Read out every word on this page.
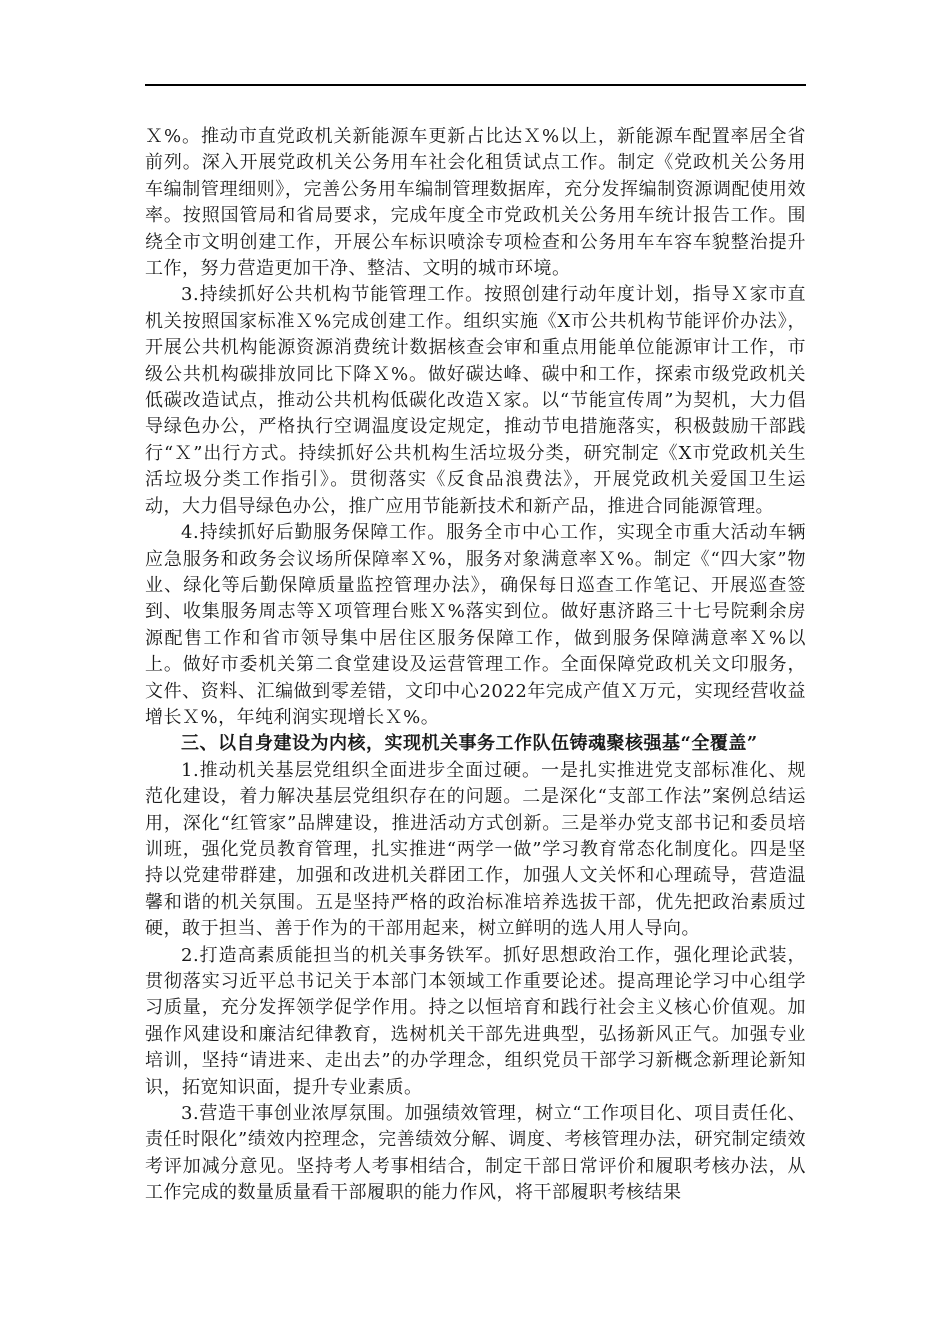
Ｘ%。推动市直党政机关新能源车更新占比达Ｘ%以上，新能源车配置率居全省前列。深入开展党政机关公务用车社会化租赁试点工作。制定《党政机关公务用车编制管理细则》，完善公务用车编制管理数据库，充分发挥编制资源调配使用效率。按照国管局和省局要求，完成年度全市党政机关公务用车统计报告工作。围绕全市文明创建工作，开展公车标识喷涂专项检查和公务用车车容车貌整治提升工作，努力营造更加干净、整洁、文明的城市环境。

3.持续抓好公共机构节能管理工作。按照创建行动年度计划，指导Ｘ家市直机关按照国家标准Ｘ%完成创建工作。组织实施《X市公共机构节能评价办法》，开展公共机构能源资源消费统计数据核查会审和重点用能单位能源审计工作，市级公共机构碳排放同比下降Ｘ%。做好碳达峰、碳中和工作，探索市级党政机关低碳改造试点，推动公共机构低碳化改造Ｘ家。以“节能宣传周”为契机，大力倡导绿色办公，严格执行空调温度设定规定，推动节电措施落实，积极鼓励干部践行“Ｘ”出行方式。持续抓好公共机构生活垃圾分类，研究制定《X市党政机关生活垃圾分类工作指引》。贯彻落实《反食品浪费法》，开展党政机关爱国卫生运动，大力倡导绿色办公，推广应用节能新技术和新产品，推进合同能源管理。

4.持续抓好后勤服务保障工作。服务全市中心工作，实现全市重大活动车辆应急服务和政务会议场所保障率Ｘ%，服务对象满意率Ｘ%。制定《“四大家”物业、绿化等后勤保障质量监控管理办法》，确保每日巡查工作笔记、开展巡查签到、收集服务周志等Ｘ项管理台账Ｘ%落实到位。做好惠济路三十七号院剩余房源配售工作和省市领导集中居住区服务保障工作，做到服务保障满意率Ｘ%以上。做好市委机关第二食堂建设及运营管理工作。全面保障党政机关文印服务，文件、资料、汇编做到零差错，文印中心2022年完成产值Ｘ万元，实现经营收益增长Ｘ%，年纯利润实现增长Ｘ%。

三、以自身建设为内核，实现机关事务工作队伍铸魂聚核强基“全覆盖”

1.推动机关基层党组织全面进步全面过硬。一是扎实推进党支部标准化、规范化建设，着力解决基层党组织存在的问题。二是深化“支部工作法”案例总结运用，深化“红管家”品牌建设，推进活动方式创新。三是举办党支部书记和委员培训班，强化党员教育管理，扎实推进“两学一做”学习教育常态化制度化。四是坚持以党建带群建，加强和改进机关群团工作，加强人文关怀和心理疏导，营造温馨和谐的机关氛围。五是坚持严格的政治标准培养选拔干部，优先把政治素质过硬，敢于担当、善于作为的干部用起来，树立鲜明的选人用人导向。

2.打造高素质能担当的机关事务铁军。抓好思想政治工作，强化理论武装，贯彻落实习近平总书记关于本部门本领域工作重要论述。提高理论学习中心组学习质量，充分发挥领学促学作用。持之以恒培育和践行社会主义核心价值观。加强作风建设和廉洁纪律教育，选树机关干部先进典型，弘扬新风正气。加强专业培训，坚持“请进来、走出去”的办学理念，组织党员干部学习新概念新理论新知识，拓宽知识面，提升专业素质。

3.营造干事创业浓厚氛围。加强绩效管理，树立“工作项目化、项目责任化、责任时限化”绩效内控理念，完善绩效分解、调度、考核管理办法，研究制定绩效考评加减分意见。坚持考人考事相结合，制定干部日常评价和履职考核办法，从工作完成的数量质量看干部履职的能力作风，将干部履职考核结果
